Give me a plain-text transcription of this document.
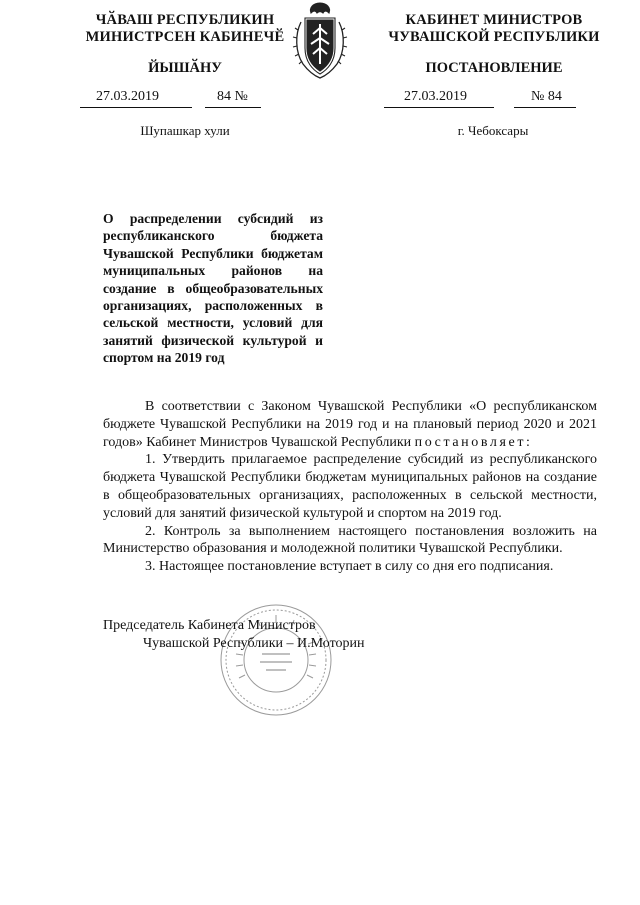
ЧӐВАШ РЕСПУБЛИКИН
МИНИСТРСЕН КАБИНЕЧӖ
ЙЫШӐНУ
КАБИНЕТ МИНИСТРОВ
ЧУВАШСКОЙ РЕСПУБЛИКИ
ПОСТАНОВЛЕНИЕ
27.03.2019	84 №	27.03.2019	№ 84
Шупашкар хули	г. Чебоксары
О распределении субсидий из республиканского бюджета Чувашской Республики бюджетам муниципальных районов на создание в общеобразовательных организациях, расположенных в сельской местности, условий для занятий физической культурой и спортом на 2019 год

В соответствии с Законом Чувашской Республики «О республиканском бюджете Чувашской Республики на 2019 год и на плановый период 2020 и 2021 годов» Кабинет Министров Чувашской Республики постановляет:

1. Утвердить прилагаемое распределение субсидий из республиканского бюджета Чувашской Республики бюджетам муниципальных районов на создание в общеобразовательных организациях, расположенных в сельской местности, условий для занятий физической культурой и спортом на 2019 год.

2. Контроль за выполнением настоящего постановления возложить на Министерство образования и молодежной политики Чувашской Республики.

3. Настоящее постановление вступает в силу со дня его подписания.

Председатель Кабинета Министров
Чувашской Республики – И.Моторин
